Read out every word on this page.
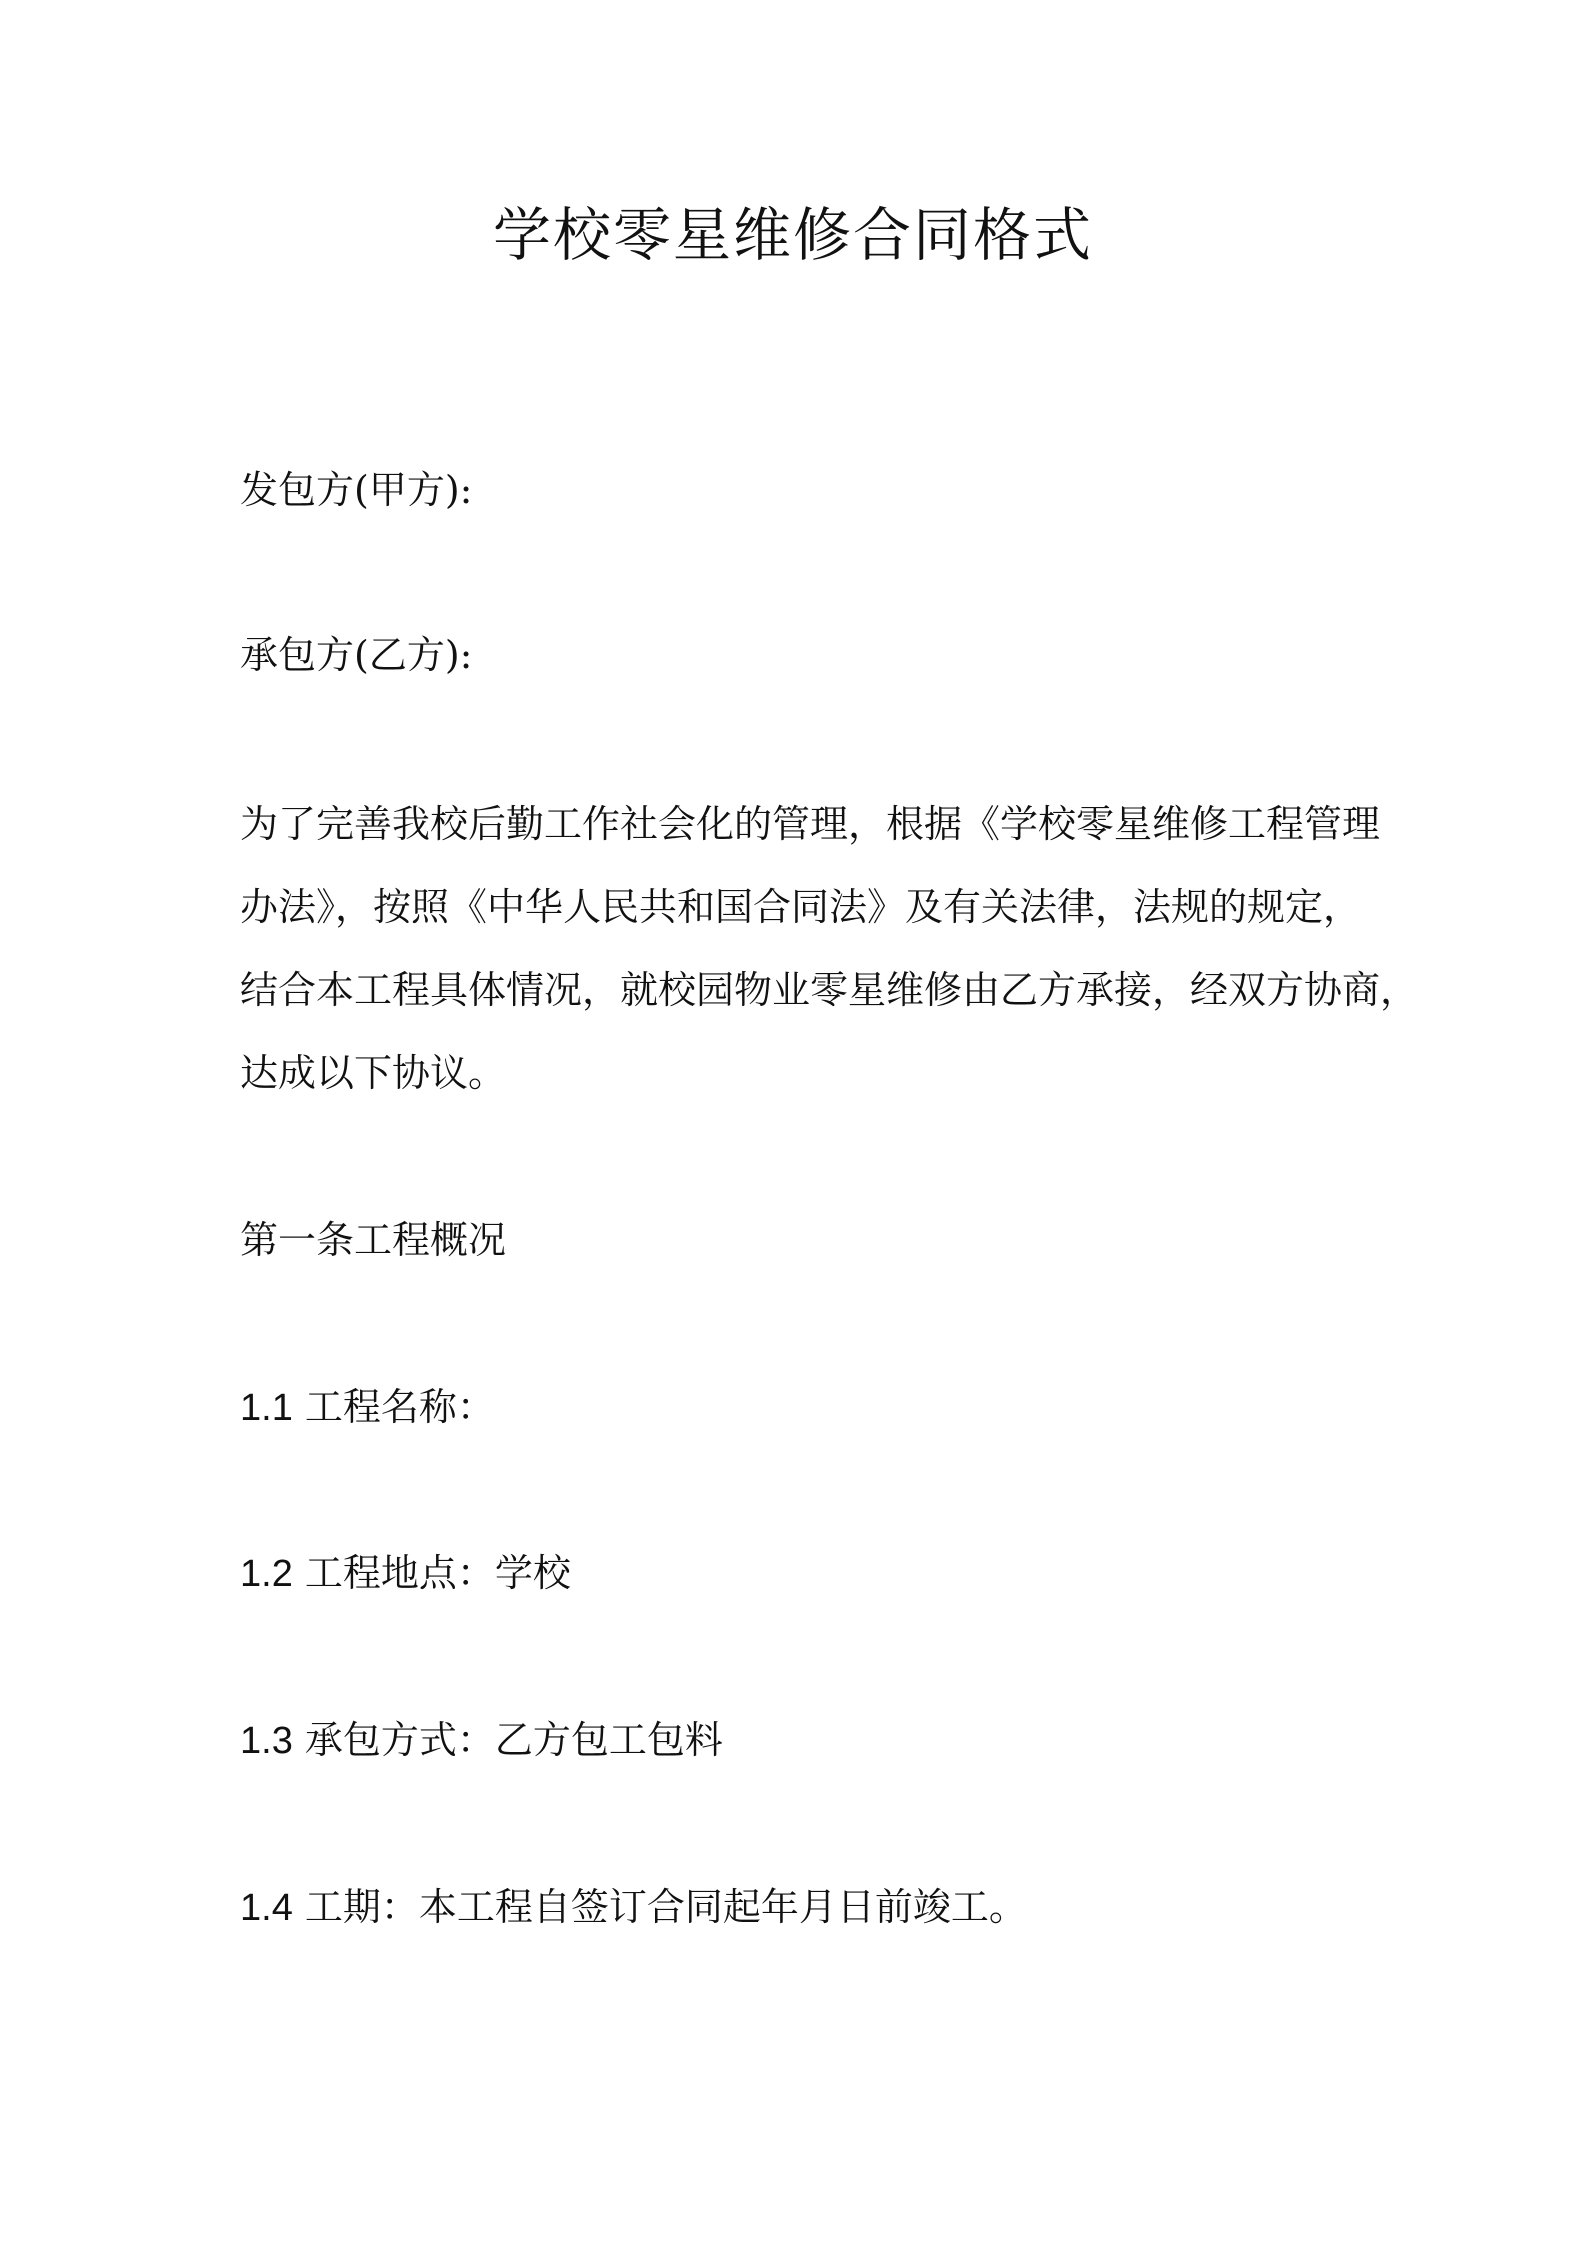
学校零星维修合同格式

发包方(甲方):

承包方(乙方):

为了完善我校后勤工作社会化的管理，根据《学校零星维修工程管理
办法》，按照《中华人民共和国合同法》及有关法律，法规的规定，
结合本工程具体情况，就校园物业零星维修由乙方承接，经双方协商，
达成以下协议。

第一条工程概况

1.1 工程名称：

1.2 工程地点：学校

1.3 承包方式：乙方包工包料

1.4 工期：本工程自签订合同起年月日前竣工。
